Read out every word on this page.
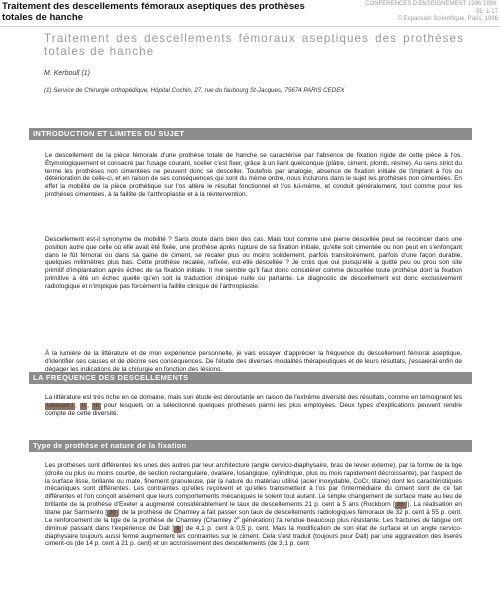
Traitement des descellements fémoraux aseptiques des prothèses totales de hanche
CONFÉRENCES D'ENSEIGNEMENT 1996 1996,
55: 1-17
© Expansion Scientifique, Paris, 1996
Traitement des descellements fémoraux aseptiques des prothèses totales de hanche
M. Kerboull (1)
(1) Service de Chirurgie orthopédique, Hôpital Cochin, 27, rue du faubourg St-Jacques, 75674 PARIS CEDEX
INTRODUCTION ET LIMITES DU SUJET

Le descellement de la pièce fémorale d'une prothèse totale de hanche se caractérise par l'absence de fixation rigide de cette pièce à l'os. Étymologiquement et consacré par l'usage courant, sceller c'est fixer, grâce à un liant quelconque (plâtre, ciment, plomb, résine). Au sens strict du terme les prothèses non cimentées ne peuvent donc se desceller. Toutefois par analogie, absence de fixation initiale de l'implant à l'os ou détérioration de celle-ci, et en raison de ses conséquences qui sont du même ordre, nous inclurons dans le sujet les prothèses non cimentées. En effet la mobilité de la pièce prothétique sur l'os altère le résultat fonctionnel et l'os lui-même, et conduit généralement, tout comme pour les prothèses cimentées, à la faillite de l'arthroplastie et à la réintervention.

Descellement est-il synonyme de mobilité ? Sans doute dans bien des cas. Mais tout comme une pierre descellée peut se recoincer dans une position autre que celle où elle avait été fixée, une prothèse après rupture de sa fixation initiale, qu'elle soit cimentée ou non peut en s'enfonçant dans le fût fémoral ou dans sa gaine de ciment, se recaler plus ou moins solidement, parfois transitoirement, parfois d'une façon durable, quelques millimètres plus bas. Cette prothèse recalée, refixée, est-elle descellée ? Je crois que oui puisqu'elle a quitté peu ou prou son site primitif d'implantation après échec de sa fixation initiale. Il me semble qu'il faut donc considérer comme descellée toute prothèse dont la fixation primitive a été un échec quelle qu'en soit la traduction clinique nulle ou parlante. Le diagnostic de descellement est donc exclusivement radiologique et n'implique pas forcément la faillite clinique de l'arthroplastie.

À la lumière de la littérature et de mon expérience personnelle, je vais essayer d'apprécier la fréquence du descellement fémoral aseptique, d'identifier ses causes et de décrire ses conséquences. De l'étude des diverses modalités thérapeutiques et de leurs résultats, j'essaierai enfin de dégager les indications de la chirurgie en fonction des lésions.

LA FREQUENCE DES DESCELLEMENTS

La littérature est très riche en ce domaine, mais son étude est déroutante en raison de l'extrême diversité des résultats, comme en témoignent les tableaux I , II , III pour lesquels on a sélectionné quelques prothèses parmi les plus employées. Deux types d'explications peuvent rendre compte de cette diversité.

Type de prothèse et nature de la fixation

Les prothèses sont différentes les unes des autres par leur architecture (angle cervico-diaphysaire, bras de levier externe), par la forme de la tige (droite ou plus ou moins courbe, de section rectangulaire, ovalaire, losangique, cylindrique, plus ou mois rapidement décroissante), par l'aspect de la surface lisse, brillante ou mate, finement granuleuse, par la nature du matériau utilisé (acier inoxydable, CoCr, titane) dont les caractéristiques mécaniques sont différentes. Les contraintes qu'elles reçoivent et qu'elles transmettent à l'os par l'intermédiaire du ciment sont de ce fait différentes et l'on conçoit aisément que leurs comportements mécaniques le soient tout autant. Le simple changement de surface mate au lieu de brillante de la prothèse d'Exeter a augmenté considérablement le taux de descellements 21 p. cent à 5 ans (Rockborn [ 36 ]). La réalisation en titane par Sarmiento [ 38 ] de la prothèse de Charnley a fait passer son taux de descellements radiologiques fémoraux de 32 p. cent à 55 p. cent. Le renforcement de la tige de la prothèse de Charnley (Charnley 2e génération) l'a rendue beaucoup plus résistante. Les fractures de fatigue ont diminué passant dans l'expérience de Dall [ 9 ] de 4,1 p. cent à 0,5 p. cent. Mais la modification de son état de surface et un angle cervico-diaphysaire toujours aussi fermé augmentent les contraintes sur le ciment. Cela s'est traduit (toujours pour Dall) par une aggravation des liserés ciment-os (de 14 p. cent à 21 p. cent) et un accroissement des descellements (de 3,1 p. cent
